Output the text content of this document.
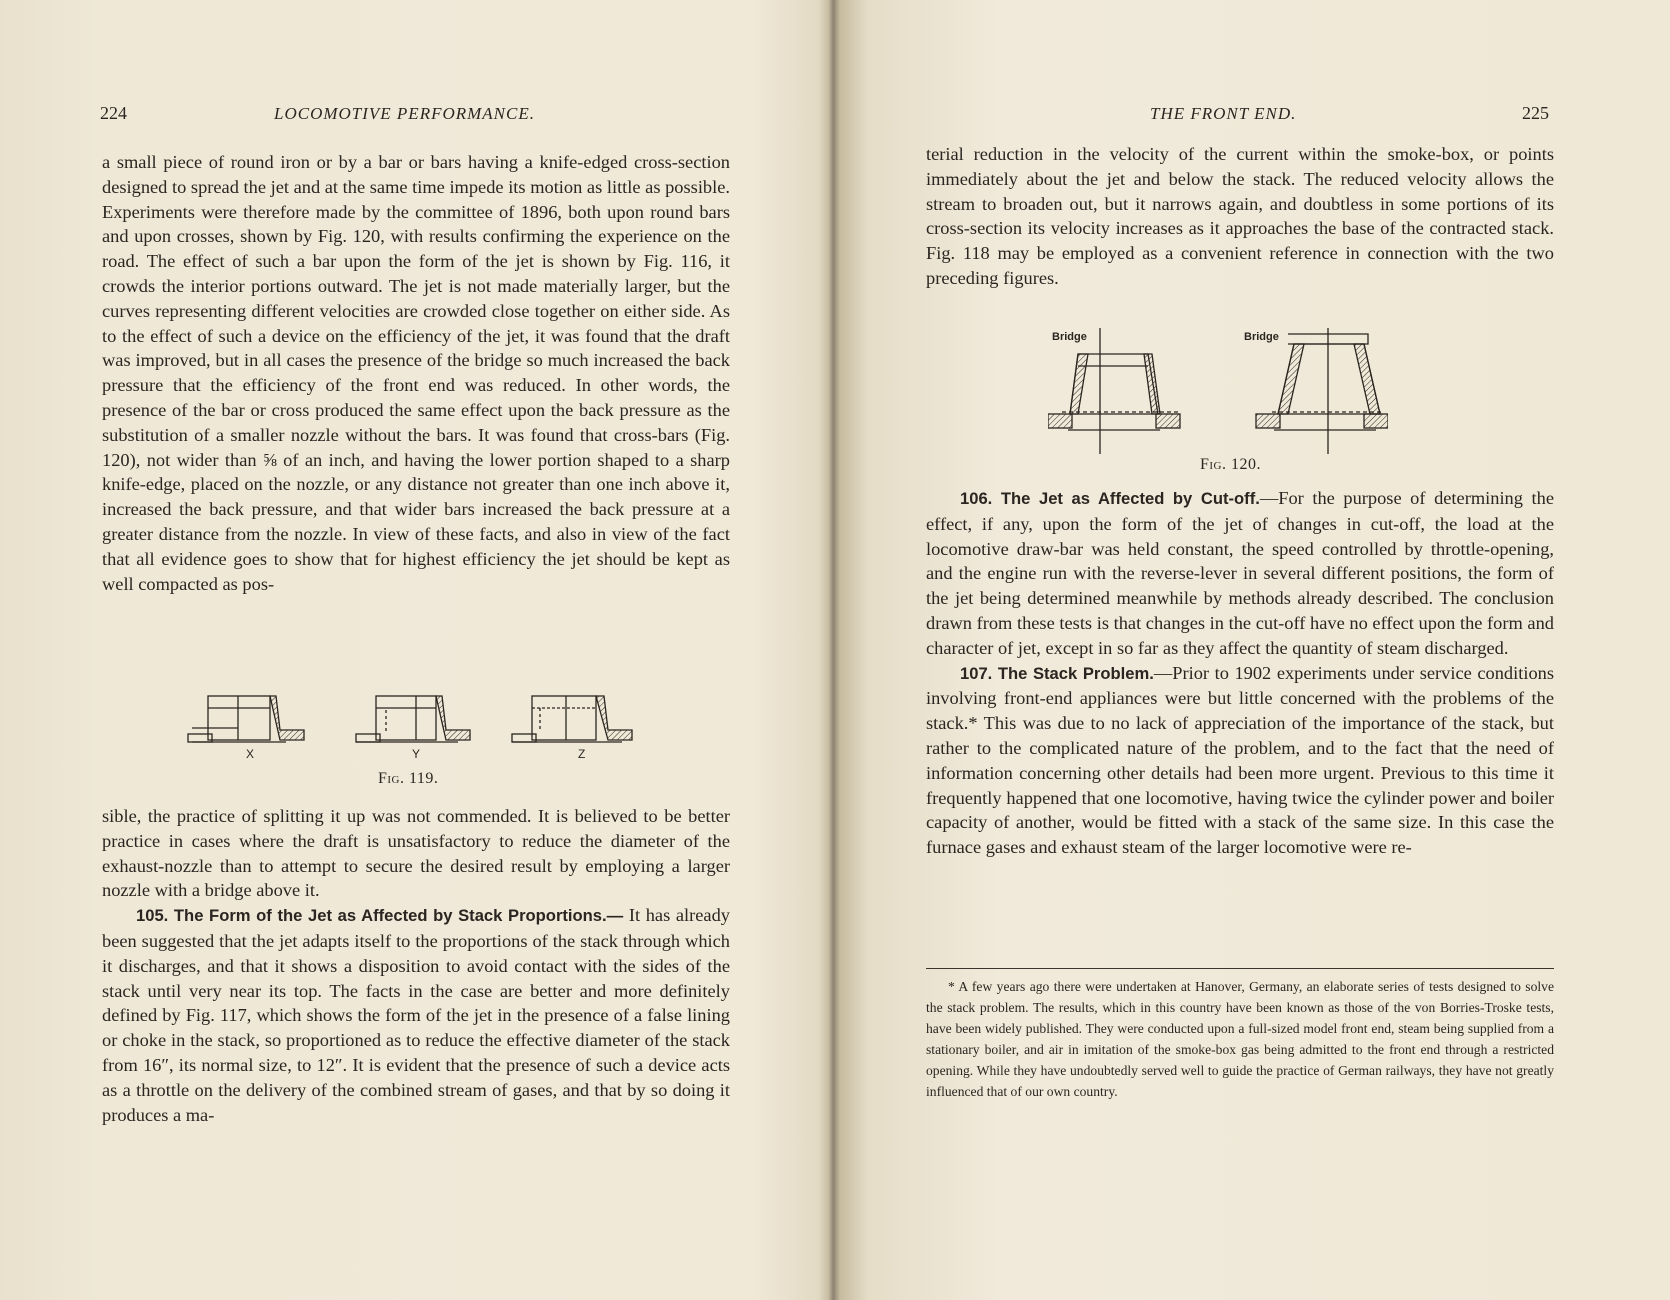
224	LOCOMOTIVE PERFORMANCE.

a small piece of round iron or by a bar or bars having a knife-edged cross-section designed to spread the jet and at the same time impede its motion as little as possible. Experiments were therefore made by the committee of 1896, both upon round bars and upon crosses, shown by Fig. 120, with results confirming the experience on the road. The effect of such a bar upon the form of the jet is shown by Fig. 116, it crowds the interior portions outward. The jet is not made materially larger, but the curves representing different velocities are crowded close together on either side. As to the effect of such a device on the efficiency of the jet, it was found that the draft was improved, but in all cases the presence of the bridge so much increased the back pressure that the efficiency of the front end was reduced. In other words, the presence of the bar or cross produced the same effect upon the back pressure as the substitution of a smaller nozzle without the bars. It was found that cross-bars (Fig. 120), not wider than ⅝ of an inch, and having the lower portion shaped to a sharp knife-edge, placed on the nozzle, or any distance not greater than one inch above it, increased the back pressure, and that wider bars increased the back pressure at a greater distance from the nozzle. In view of these facts, and also in view of the fact that all evidence goes to show that for highest efficiency the jet should be kept as well compacted as pos-

X	Y	Z
Fig. 119.

sible, the practice of splitting it up was not commended. It is believed to be better practice in cases where the draft is unsatisfactory to reduce the diameter of the exhaust-nozzle than to attempt to secure the desired result by employing a larger nozzle with a bridge above it.

105. The Form of the Jet as Affected by Stack Proportions.— It has already been suggested that the jet adapts itself to the proportions of the stack through which it discharges, and that it shows a disposition to avoid contact with the sides of the stack until very near its top. The facts in the case are better and more definitely defined by Fig. 117, which shows the form of the jet in the presence of a false lining or choke in the stack, so proportioned as to reduce the effective diameter of the stack from 16″, its normal size, to 12″. It is evident that the presence of such a device acts as a throttle on the delivery of the combined stream of gases, and that by so doing it produces a ma-

THE FRONT END.	225

terial reduction in the velocity of the current within the smoke-box, or points immediately about the jet and below the stack. The reduced velocity allows the stream to broaden out, but it narrows again, and doubtless in some portions of its cross-section its velocity increases as it approaches the base of the contracted stack. Fig. 118 may be employed as a convenient reference in connection with the two preceding figures.

Bridge	Bridge
Fig. 120.

106. The Jet as Affected by Cut-off.—For the purpose of determining the effect, if any, upon the form of the jet of changes in cut-off, the load at the locomotive draw-bar was held constant, the speed controlled by throttle-opening, and the engine run with the reverse-lever in several different positions, the form of the jet being determined meanwhile by methods already described. The conclusion drawn from these tests is that changes in the cut-off have no effect upon the form and character of jet, except in so far as they affect the quantity of steam discharged.

107. The Stack Problem.—Prior to 1902 experiments under service conditions involving front-end appliances were but little concerned with the problems of the stack.* This was due to no lack of appreciation of the importance of the stack, but rather to the complicated nature of the problem, and to the fact that the need of information concerning other details had been more urgent. Previous to this time it frequently happened that one locomotive, having twice the cylinder power and boiler capacity of another, would be fitted with a stack of the same size. In this case the furnace gases and exhaust steam of the larger locomotive were re-

* A few years ago there were undertaken at Hanover, Germany, an elaborate series of tests designed to solve the stack problem. The results, which in this country have been known as those of the von Borries-Troske tests, have been widely published. They were conducted upon a full-sized model front end, steam being supplied from a stationary boiler, and air in imitation of the smoke-box gas being admitted to the front end through a restricted opening. While they have undoubtedly served well to guide the practice of German railways, they have not greatly influenced that of our own country.
